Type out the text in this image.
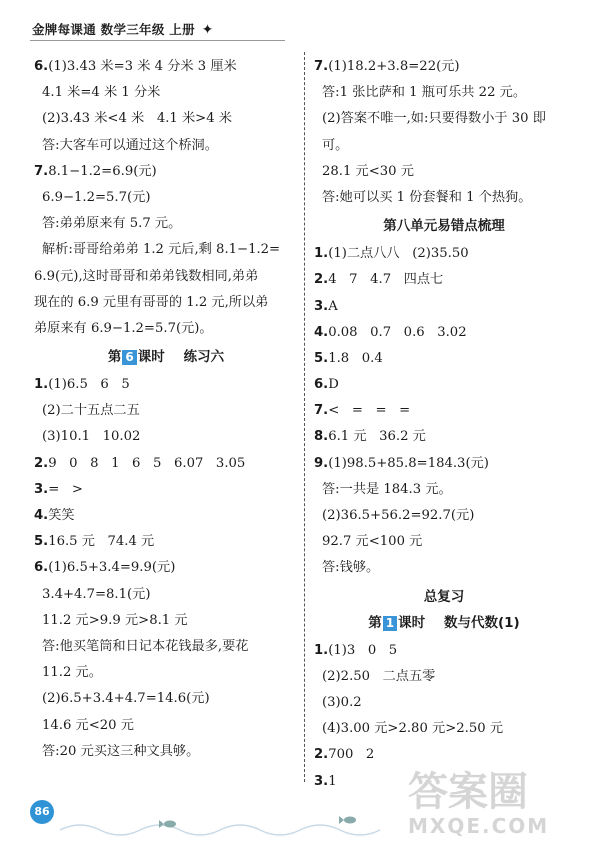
金牌每课通 数学三年级 上册 ✦
6.(1)3.43 米=3 米 4 分米 3 厘米
4.1 米=4 米 1 分米
(2)3.43 米<4 米   4.1 米>4 米
答:大客车可以通过这个桥洞。
7.8.1−1.2=6.9(元)
6.9−1.2=5.7(元)
答:弟弟原来有 5.7 元。
解析:哥哥给弟弟 1.2 元后,剩 8.1−1.2=
6.9(元),这时哥哥和弟弟钱数相同,弟弟
现在的 6.9 元里有哥哥的 1.2 元,所以弟
弟原来有 6.9−1.2=5.7(元)。
第 6 课时    练习六
1.(1)6.5   6   5
(2)二十五点二五
(3)10.1   10.02
2.9   0   8   1   6   5   6.07   3.05
3.=   >
4.笑笑
5.16.5 元   74.4 元
6.(1)6.5+3.4=9.9(元)
3.4+4.7=8.1(元)
11.2 元>9.9 元>8.1 元
答:他买笔筒和日记本花钱最多,要花
11.2 元。
(2)6.5+3.4+4.7=14.6(元)
14.6 元<20 元
答:20 元买这三种文具够。
7.(1)18.2+3.8=22(元)
答:1 张比萨和 1 瓶可乐共 22 元。
(2)答案不唯一,如:只要得数小于 30 即
可。
28.1 元<30 元
答:她可以买 1 份套餐和 1 个热狗。
第八单元易错点梳理
1.(1)二点八八   (2)35.50
2.4   7   4.7   四点七
3.A
4.0.08   0.7   0.6   3.02
5.1.8   0.4
6.D
7.<   =   =   =
8.6.1 元   36.2 元
9.(1)98.5+85.8=184.3(元)
答:一共是 184.3 元。
(2)36.5+56.2=92.7(元)
92.7 元<100 元
答:钱够。
总复习
第 1 课时    数与代数(1)
1.(1)3   0   5
(2)2.50   二点五零
(3)0.2
(4)3.00 元>2.80 元>2.50 元
2.700   2
3.1
86	答案圈
MXQE.COM
